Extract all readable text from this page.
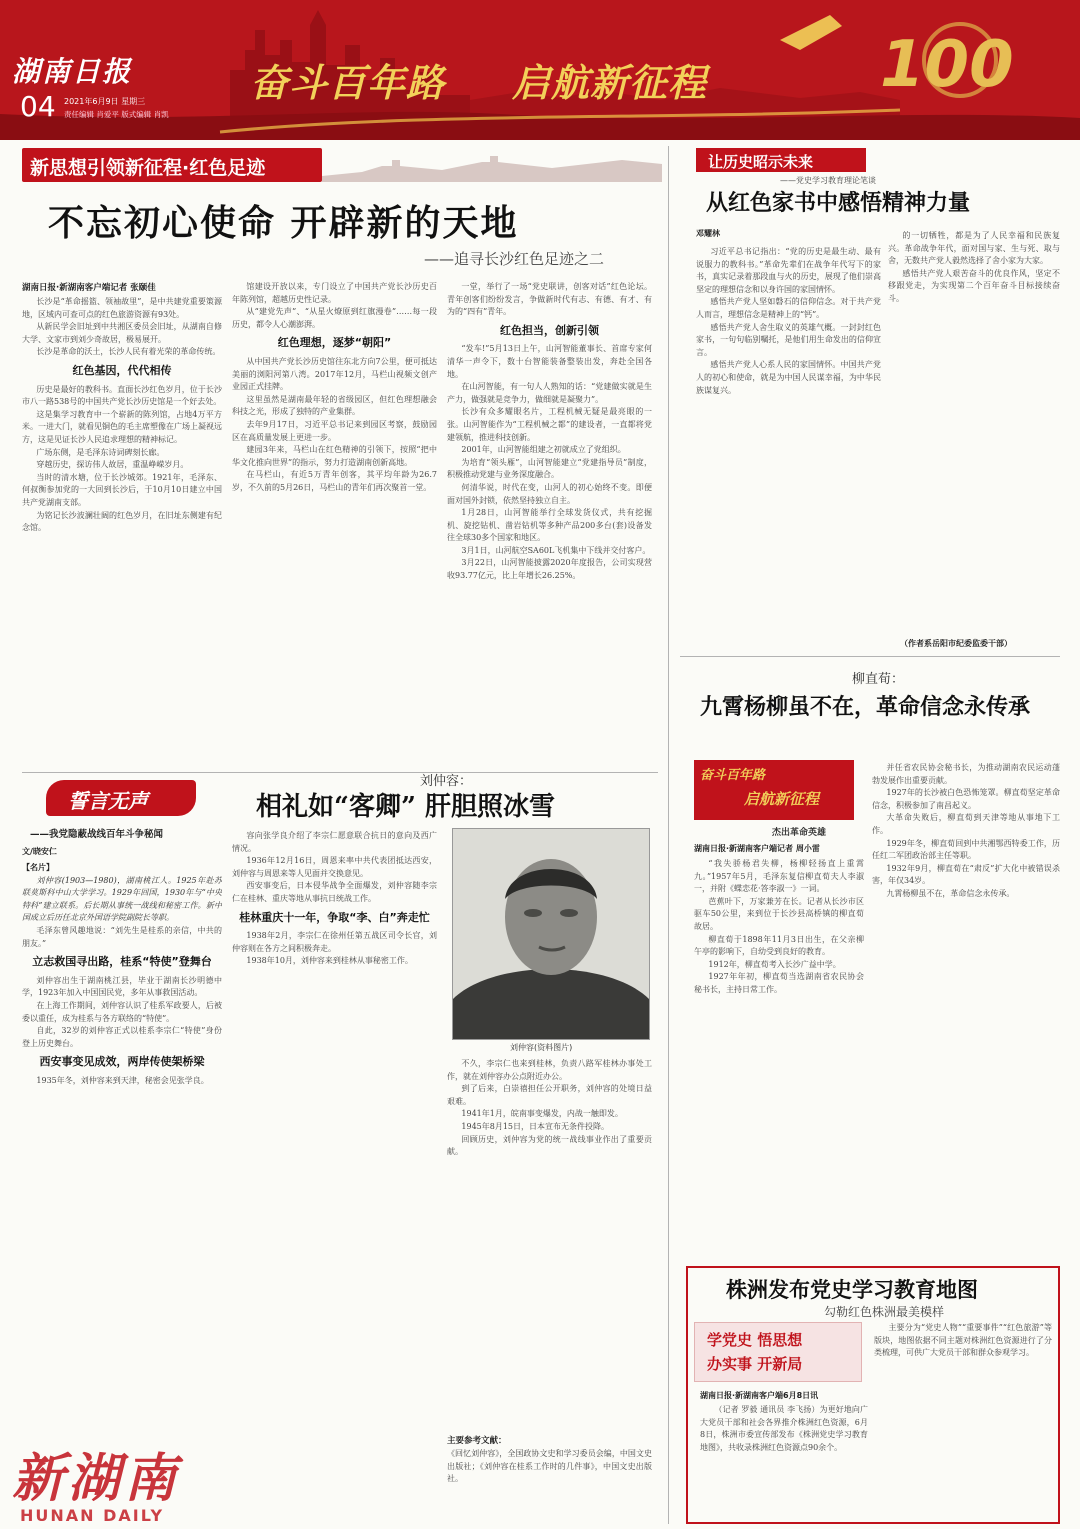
湖南日报
04 2021年6月9日 星期三
责任编辑 肖爱平 版式编辑 肖凯
奋斗百年路 启航新征程	100
新思想引领新征程·红色足迹
不忘初心使命 开辟新的天地
——追寻长沙红色足迹之二
湖南日报·新湖南客户端记者 张颐佳

长沙是“革命摇篮、领袖故里”，是中共建党重要策源地，区域内可查可点的红色旅游资源有93处。

从新民学会旧址到中共湘区委员会旧址，从湖南自修大学、文家市到刘少奇故居，极易展开。

长沙是革命的沃土，长沙人民有着光荣的革命传统。

红色基因，代代相传

历史是最好的教科书。直面长沙红色岁月，位于长沙市八一路538号的中国共产党长沙历史馆是一个好去处。

这是集学习教育中一个崭新的陈列馆，占地4万平方米。一进大门，就看见铜色的毛主席塑像在广场上凝视远方，这是见证长沙人民追求理想的精神标记。

广场东侧，是毛泽东诗词碑刻长廊。

穿越历史，探访伟人故居，重温峥嵘岁月。

当时的清水塘，位于长沙城郊。1921年，毛泽东、何叔衡参加党的一大回到长沙后，于10月10日建立中国共产党湖南支部。

为铭记长沙波澜壮阔的红色岁月，在旧址东侧建有纪念馆。

馆建设开放以来，专门设立了中国共产党长沙历史百年陈列馆，超越历史性记录。

从“建党先声”、“从星火燎原到红旗漫卷”……每一段历史，都令人心潮澎湃。

红色理想，逐梦“朝阳”

从中国共产党长沙历史馆往东北方向7公里，便可抵达美丽的浏阳河第八湾。2017年12月，马栏山视频文创产业园正式挂牌。

这里虽然是湖南最年轻的省级园区，但红色理想融会科技之光，形成了独特的产业集群。

去年9月17日，习近平总书记来到园区考察，鼓励园区在高质量发展上更进一步。

建园3年来，马栏山在红色精神的引领下，按照“把中华文化推向世界”的指示，努力打造湖南创新高地。

在马栏山，有近5万青年创客，其平均年龄为26.7岁，不久前的5月26日，马栏山的青年们再次聚首一堂。

一堂，举行了一场“党史联讲，创客对话”红色论坛。青年创客们纷纷发言，争做新时代有志、有德、有才、有为的“四有”青年。

红色担当，创新引领

“发车!”5月13日上午，山河智能董事长、首席专家何清华一声令下，数十台智能装备整装出发，奔赴全国各地。

在山河智能，有一句人人熟知的话：“党建做实就是生产力，做强就是竞争力，做细就是凝聚力”。

长沙有众多耀眼名片，工程机械无疑是最亮眼的一张。山河智能作为“工程机械之都”的建设者，一直都将党建领航，推进科技创新。

2001年，山河智能组建之初就成立了党组织。

为培育“领头雁”，山河智能建立“党建指导员”制度，积极推动党建与业务深度融合。

何清华说，时代在变，山河人的初心始终不变。即便面对国外封锁，依然坚持独立自主。

1月28日，山河智能举行全球发货仪式，共有挖掘机、旋挖钻机、凿岩钻机等多种产品200多台(套)设备发往全球30多个国家和地区。

3月1日，山河航空SA60L飞机集中下线并交付客户。

3月22日，山河智能披露2020年度报告，公司实现营收93.77亿元，比上年增长26.25%。

让历史昭示未来
——党史学习教育理论笔谈
从红色家书中感悟精神力量
邓耀林

习近平总书记指出：“党的历史是最生动、最有说服力的教科书。”革命先辈们在战争年代写下的家书，真实记录着那段血与火的历史，展现了他们崇高坚定的理想信念和以身许国的家国情怀。

感悟共产党人坚如磐石的信仰信念。对于共产党人而言，理想信念是精神上的“钙”。

感悟共产党人舍生取义的英雄气概。一封封红色家书，一句句临别嘱托，是他们用生命发出的信仰宣言。

感悟共产党人心系人民的家国情怀。中国共产党人的初心和使命，就是为中国人民谋幸福，为中华民族谋复兴。

的一切牺牲，都是为了人民幸福和民族复兴。革命战争年代，面对国与家、生与死、取与舍，无数共产党人毅然选择了舍小家为大家。

感悟共产党人艰苦奋斗的优良作风，坚定不移跟党走，为实现第二个百年奋斗目标接续奋斗。

（作者系岳阳市纪委监委干部）
柳直荀：
九霄杨柳虽不在，革命信念永传承
奋斗百年路
启航新征程
杰出革命英雄
湖南日报·新湖南客户端记者 周小雷

“我失骄杨君失柳，杨柳轻扬直上重霄九。”1957年5月，毛泽东复信柳直荀夫人李淑一，并附《蝶恋花·答李淑一》一词。

芭蕉叶下，万家兼芳在长。记者从长沙市区驱车50公里，来到位于长沙县高桥镇的柳直荀故居。

柳直荀于1898年11月3日出生，在父亲柳午亭的影响下，自幼受到良好的教育。

1912年，柳直荀考入长沙广益中学。

1927年年初，柳直荀当选湖南省农民协会秘书长，主持日常工作。

并任省农民协会秘书长，为推动湖南农民运动蓬勃发展作出重要贡献。

1927年的长沙被白色恐怖笼罩。柳直荀坚定革命信念，积极参加了南昌起义。

大革命失败后，柳直荀到天津等地从事地下工作。

1929年冬，柳直荀回到中共湘鄂西特委工作，历任红二军团政治部主任等职。

1932年9月，柳直荀在“肃反”扩大化中被错误杀害，年仅34岁。

九霄杨柳虽不在，革命信念永传承。

株洲发布党史学习教育地图
勾勒红色株洲最美模样
学党史 悟思想
办实事 开新局
湖南日报·新湖南客户端6月8日讯

（记者 罗毅 通讯员 李飞扬）为更好地向广大党员干部和社会各界推介株洲红色资源，6月8日，株洲市委宣传部发布《株洲党史学习教育地图》，共收录株洲红色资源点90余个。

主要分为“党史人物”“重要事件”“红色旅游”等版块，地图依据不同主题对株洲红色资源进行了分类梳理，可供广大党员干部和群众参观学习。

誓言无声
——我党隐蔽战线百年斗争秘闻
文/晓安仁
【名片】

刘仲容(1903—1980)，湖南桃江人。1925年赴苏联莫斯科中山大学学习。1929年回国，1930年与“中央特科”建立联系。后长期从事统一战线和秘密工作。新中国成立后历任北京外国语学院副院长等职。

毛泽东曾风趣地说：“刘先生是桂系的亲信，中共的朋友。”

立志救国寻出路，桂系“特使”登舞台

刘仲容出生于湖南桃江县，毕业于湖南长沙明德中学，1923年加入中国国民党，多年从事救国活动。

在上海工作期间，刘仲容认识了桂系军政要人，后被委以重任，成为桂系与各方联络的“特使”。

自此，32岁的刘仲容正式以桂系李宗仁“特使”身份登上历史舞台。

西安事变见成效，两岸传使架桥梁

1935年冬，刘仲容来到天津，秘密会见张学良。

刘仲容：
相礼如“客卿” 肝胆照冰雪

容向张学良介绍了李宗仁愿意联合抗日的意向及西广情况。

1936年12月16日，周恩来率中共代表团抵达西安，刘仲容与周恩来等人见面并交换意见。

西安事变后，日本侵华战争全面爆发，刘仲容随李宗仁在桂林、重庆等地从事抗日统战工作。

桂林重庆十一年，争取“李、白”奔走忙

1938年2月，李宗仁在徐州任第五战区司令长官，刘仲容则在各方之间积极奔走。

1938年10月，刘仲容来到桂林从事秘密工作。

刘仲容(资料图片)

不久，李宗仁也来到桂林，负责八路军桂林办事处工作，就在刘仲容办公点附近办公。

到了后来，白崇禧担任公开职务，刘仲容的处境日益艰难。

1941年1月，皖南事变爆发，内战一触即发。

1945年8月15日，日本宣布无条件投降。

回顾历史，刘仲容为党的统一战线事业作出了重要贡献。

主要参考文献：

《回忆刘仲容》，全国政协文史和学习委员会编，中国文史出版社；《刘仲容在桂系工作时的几件事》，中国文史出版社。

新湖南
HUNAN DAILY
